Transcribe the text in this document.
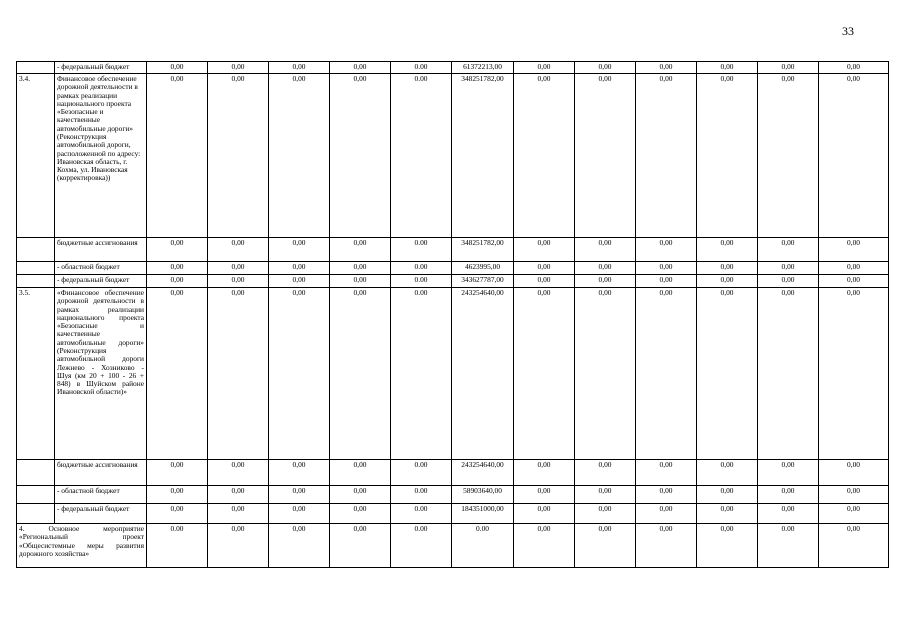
33
	- федеральный бюджет	0,00	0,00	0,00	0,00	0.00	61372213,00	0,00	0,00	0,00	0,00	0,00	0,00
3.4.	Финансовое обеспечение дорожной деятельности в рамках реализации национального проекта «Безопасные и качественные автомобильные дороги» (Реконструкция автомобильной дороги, расположенной по адресу: Ивановская область, г. Кохма, ул. Ивановская (корректировка))	0,00	0,00	0,00	0,00	0.00	348251782,00	0,00	0,00	0,00	0,00	0,00	0,00
	бюджетные ассигнования	0,00	0,00	0,00	0,00	0.00	348251782,00	0,00	0,00	0,00	0,00	0,00	0,00
	- областной бюджет	0,00	0,00	0,00	0,00	0.00	4623995,00	0,00	0,00	0,00	0,00	0,00	0,00
	- федеральный бюджет	0,00	0,00	0,00	0,00	0.00	343627787,00	0,00	0,00	0,00	0,00	0,00	0,00
3.5.	«Финансовое обеспечение дорожной деятельности в рамках реализации национального проекта «Безопасные и качественные автомобильные дороги» (Реконструкция автомобильной дороги Лежнево - Хозниково - Шуя (км 20 + 100 - 26 + 848) в Шуйском районе Ивановской области)»	0,00	0,00	0,00	0,00	0.00	243254640,00	0,00	0,00	0,00	0,00	0,00	0,00
	бюджетные ассигнования	0,00	0,00	0,00	0,00	0.00	243254640,00	0,00	0,00	0,00	0,00	0,00	0,00
	- областной бюджет	0,00	0,00	0,00	0,00	0.00	58903640,00	0,00	0,00	0,00	0,00	0,00	0,00
	- федеральный бюджет	0,00	0,00	0,00	0,00	0.00	184351000,00	0,00	0,00	0,00	0,00	0,00	0,00
4. Основное мероприятие «Региональный проект «Общесистемные меры развития дорожного хозяйства»		0.00	0,00	0,00	0,00	0.00	0.00	0,00	0,00	0,00	0,00	0.00	0,00
